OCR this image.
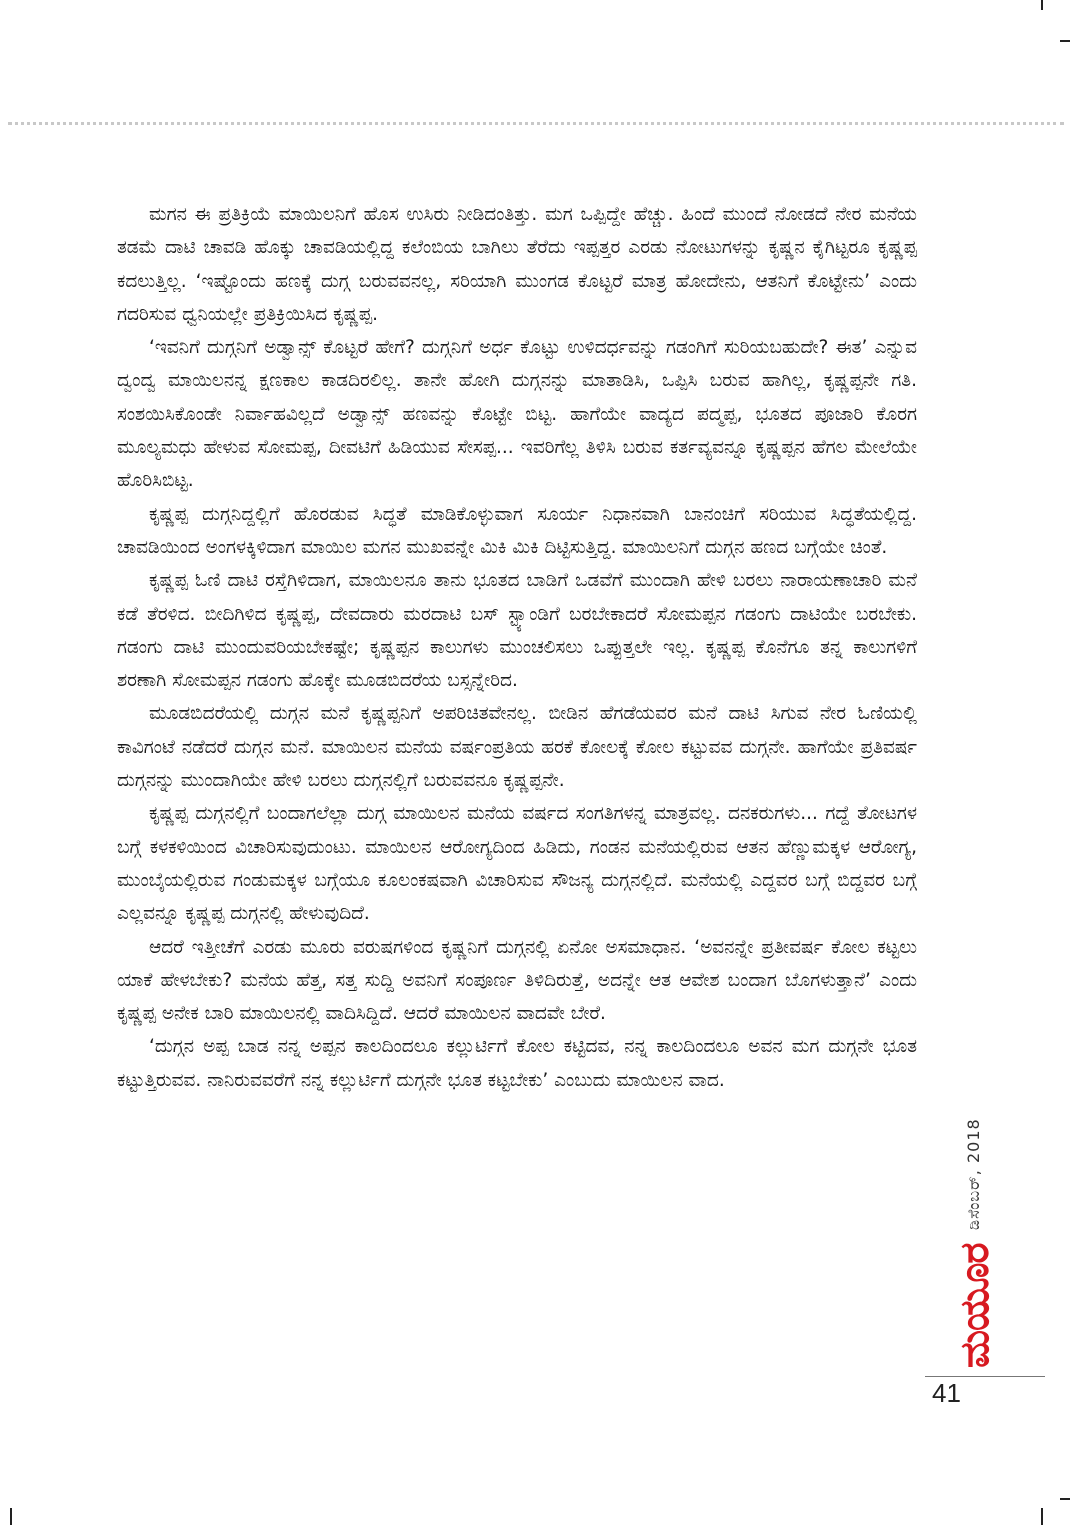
ಮಗನ ಈ ಪ್ರತಿಕ್ರಿಯೆ ಮಾಯಿಲನಿಗೆ ಹೊಸ ಉಸಿರು ನೀಡಿದಂತಿತ್ತು. ಮಗ ಒಪ್ಪಿದ್ದೇ ಹೆಚ್ಚು. ಹಿಂದೆ ಮುಂದೆ ನೋಡದೆ ನೇರ ಮನೆಯ ತಡಮೆ ದಾಟಿ ಚಾವಡಿ ಹೊಕ್ಕು ಚಾವಡಿಯಲ್ಲಿದ್ದ ಕಲೆಂಬಿಯ ಬಾಗಿಲು ತೆರೆದು ಇಪ್ಪತ್ತರ ಎರಡು ನೋಟುಗಳನ್ನು ಕೃಷ್ಣನ ಕೈಗಿಟ್ಟರೂ ಕೃಷ್ಣಪ್ಪ ಕದಲುತ್ತಿಲ್ಲ. ‘ಇಷ್ಟೊಂದು ಹಣಕ್ಕೆ ದುಗ್ಗ ಬರುವವನಲ್ಲ, ಸರಿಯಾಗಿ ಮುಂಗಡ ಕೊಟ್ಟರೆ ಮಾತ್ರ ಹೋದೇನು, ಆತನಿಗೆ ಕೊಟ್ಟೇನು’ ಎಂದು ಗದರಿಸುವ ಧ್ವನಿಯಲ್ಲೇ ಪ್ರತಿಕ್ರಿಯಿಸಿದ ಕೃಷ್ಣಪ್ಪ.

‘ಇವನಿಗೆ ದುಗ್ಗನಿಗೆ ಅಡ್ವಾನ್ಸ್ ಕೊಟ್ಟರೆ ಹೇಗೆ? ದುಗ್ಗನಿಗೆ ಅರ್ಧ ಕೊಟ್ಟು ಉಳಿದರ್ಧವನ್ನು ಗಡಂಗಿಗೆ ಸುರಿಯಬಹುದೇ? ಈತ’ ಎನ್ನುವ ದ್ವಂದ್ವ ಮಾಯಿಲನನ್ನ ಕ್ಷಣಕಾಲ ಕಾಡದಿರಲಿಲ್ಲ. ತಾನೇ ಹೋಗಿ ದುಗ್ಗನನ್ನು ಮಾತಾಡಿಸಿ, ಒಪ್ಪಿಸಿ ಬರುವ ಹಾಗಿಲ್ಲ, ಕೃಷ್ಣಪ್ಪನೇ ಗತಿ. ಸಂಶಯಿಸಿಕೊಂಡೇ ನಿರ್ವಾಹವಿಲ್ಲದೆ ಅಡ್ವಾನ್ಸ್ ಹಣವನ್ನು ಕೊಟ್ಟೇ ಬಿಟ್ಟ. ಹಾಗೆಯೇ ವಾದ್ಯದ ಪದ್ಮಪ್ಪ, ಭೂತದ ಪೂಜಾರಿ ಕೊರಗ ಮೂಲ್ಯಮಧು ಹೇಳುವ ಸೋಮಪ್ಪ, ದೀವಟಿಗೆ ಹಿಡಿಯುವ ಸೇಸಪ್ಪ... ಇವರಿಗೆಲ್ಲ ತಿಳಿಸಿ ಬರುವ ಕರ್ತವ್ಯವನ್ನೂ ಕೃಷ್ಣಪ್ಪನ ಹೆಗಲ ಮೇಲೆಯೇ ಹೊರಿಸಿಬಿಟ್ಟ.

ಕೃಷ್ಣಪ್ಪ ದುಗ್ಗನಿದ್ದಲ್ಲಿಗೆ ಹೊರಡುವ ಸಿದ್ಧತೆ ಮಾಡಿಕೊಳ್ಳುವಾಗ ಸೂರ್ಯ ನಿಧಾನವಾಗಿ ಬಾನಂಚಿಗೆ ಸರಿಯುವ ಸಿದ್ಧತೆಯಲ್ಲಿದ್ದ. ಚಾವಡಿಯಿಂದ ಅಂಗಳಕ್ಕಿಳಿದಾಗ ಮಾಯಿಲ ಮಗನ ಮುಖವನ್ನೇ ಮಿಕಿ ಮಿಕಿ ದಿಟ್ಟಿಸುತ್ತಿದ್ದ. ಮಾಯಿಲನಿಗೆ ದುಗ್ಗನ ಹಣದ ಬಗ್ಗೆಯೇ ಚಿಂತೆ.

ಕೃಷ್ಣಪ್ಪ ಓಣಿ ದಾಟಿ ರಸ್ತೆಗಿಳಿದಾಗ, ಮಾಯಿಲನೂ ತಾನು ಭೂತದ ಬಾಡಿಗೆ ಒಡವೆಗೆ ಮುಂದಾಗಿ ಹೇಳಿ ಬರಲು ನಾರಾಯಣಾಚಾರಿ ಮನೆ ಕಡೆ ತೆರಳಿದ. ಬೀದಿಗಿಳಿದ ಕೃಷ್ಣಪ್ಪ, ದೇವದಾರು ಮರದಾಟಿ ಬಸ್ ಸ್ಟ್ಯಾಂಡಿಗೆ ಬರಬೇಕಾದರೆ ಸೋಮಪ್ಪನ ಗಡಂಗು ದಾಟಿಯೇ ಬರಬೇಕು. ಗಡಂಗು ದಾಟಿ ಮುಂದುವರಿಯಬೇಕಷ್ಟೇ; ಕೃಷ್ಣಪ್ಪನ ಕಾಲುಗಳು ಮುಂಚಲಿಸಲು ಒಪ್ಪುತ್ತಲೇ ಇಲ್ಲ. ಕೃಷ್ಣಪ್ಪ ಕೊನೆಗೂ ತನ್ನ ಕಾಲುಗಳಿಗೆ ಶರಣಾಗಿ ಸೋಮಪ್ಪನ ಗಡಂಗು ಹೊಕ್ಕೇ ಮೂಡಬಿದರೆಯ ಬಸ್ಸನ್ನೇರಿದ.

ಮೂಡಬಿದರೆಯಲ್ಲಿ ದುಗ್ಗನ ಮನೆ ಕೃಷ್ಣಪ್ಪನಿಗೆ ಅಪರಿಚಿತವೇನಲ್ಲ. ಬೀಡಿನ ಹೆಗಡೆಯವರ ಮನೆ ದಾಟಿ ಸಿಗುವ ನೇರ ಓಣಿಯಲ್ಲಿ ಕಾವಿಗಂಟೆ ನಡೆದರೆ ದುಗ್ಗನ ಮನೆ. ಮಾಯಿಲನ ಮನೆಯ ವರ್ಷಂಪ್ರತಿಯ ಹರಕೆ ಕೋಲಕ್ಕೆ ಕೋಲ ಕಟ್ಟುವವ ದುಗ್ಗನೇ. ಹಾಗೆಯೇ ಪ್ರತಿವರ್ಷ ದುಗ್ಗನನ್ನು ಮುಂದಾಗಿಯೇ ಹೇಳಿ ಬರಲು ದುಗ್ಗನಲ್ಲಿಗೆ ಬರುವವನೂ ಕೃಷ್ಣಪ್ಪನೇ.

ಕೃಷ್ಣಪ್ಪ ದುಗ್ಗನಲ್ಲಿಗೆ ಬಂದಾಗಲೆಲ್ಲಾ ದುಗ್ಗ ಮಾಯಿಲನ ಮನೆಯ ವರ್ಷದ ಸಂಗತಿಗಳನ್ನ ಮಾತ್ರವಲ್ಲ. ದನಕರುಗಳು... ಗದ್ದೆ ತೋಟಗಳ ಬಗ್ಗೆ ಕಳಕಳಿಯಿಂದ ವಿಚಾರಿಸುವುದುಂಟು. ಮಾಯಿಲನ ಆರೋಗ್ಯದಿಂದ ಹಿಡಿದು, ಗಂಡನ ಮನೆಯಲ್ಲಿರುವ ಆತನ ಹೆಣ್ಣುಮಕ್ಕಳ ಆರೋಗ್ಯ, ಮುಂಬೈಯಲ್ಲಿರುವ ಗಂಡುಮಕ್ಕಳ ಬಗ್ಗೆಯೂ ಕೂಲಂಕಷವಾಗಿ ವಿಚಾರಿಸುವ ಸೌಜನ್ಯ ದುಗ್ಗನಲ್ಲಿದೆ. ಮನೆಯಲ್ಲಿ ಎದ್ದವರ ಬಗ್ಗೆ ಬಿದ್ದವರ ಬಗ್ಗೆ ಎಲ್ಲವನ್ನೂ ಕೃಷ್ಣಪ್ಪ ದುಗ್ಗನಲ್ಲಿ ಹೇಳುವುದಿದೆ.

ಆದರೆ ಇತ್ತೀಚೆಗೆ ಎರಡು ಮೂರು ವರುಷಗಳಿಂದ ಕೃಷ್ಣನಿಗೆ ದುಗ್ಗನಲ್ಲಿ ಏನೋ ಅಸಮಾಧಾನ. ‘ಅವನನ್ನೇ ಪ್ರತೀವರ್ಷ ಕೋಲ ಕಟ್ಟಲು ಯಾಕೆ ಹೇಳಬೇಕು? ಮನೆಯ ಹೆತ್ತ, ಸತ್ತ ಸುದ್ದಿ ಅವನಿಗೆ ಸಂಪೂರ್ಣ ತಿಳಿದಿರುತ್ತೆ, ಅದನ್ನೇ ಆತ ಆವೇಶ ಬಂದಾಗ ಬೊಗಳುತ್ತಾನೆ’ ಎಂದು ಕೃಷ್ಣಪ್ಪ ಅನೇಕ ಬಾರಿ ಮಾಯಿಲನಲ್ಲಿ ವಾದಿಸಿದ್ದಿದೆ. ಆದರೆ ಮಾಯಿಲನ ವಾದವೇ ಬೇರೆ.

‘ದುಗ್ಗನ ಅಪ್ಪ ಬಾಡ ನನ್ನ ಅಪ್ಪನ ಕಾಲದಿಂದಲೂ ಕಲ್ಲುರ್ಟಿಗೆ ಕೋಲ ಕಟ್ಟಿದವ, ನನ್ನ ಕಾಲದಿಂದಲೂ ಅವನ ಮಗ ದುಗ್ಗನೇ ಭೂತ ಕಟ್ಟುತ್ತಿರುವವ. ನಾನಿರುವವರೆಗೆ ನನ್ನ ಕಲ್ಲುರ್ಟಿಗೆ ದುಗ್ಗನೇ ಭೂತ ಕಟ್ಟಬೇಕು’ ಎಂಬುದು ಮಾಯಿಲನ ವಾದ.

ಡಿಸೆಂಬರ್, 2018
ಮಯೂರ
41
